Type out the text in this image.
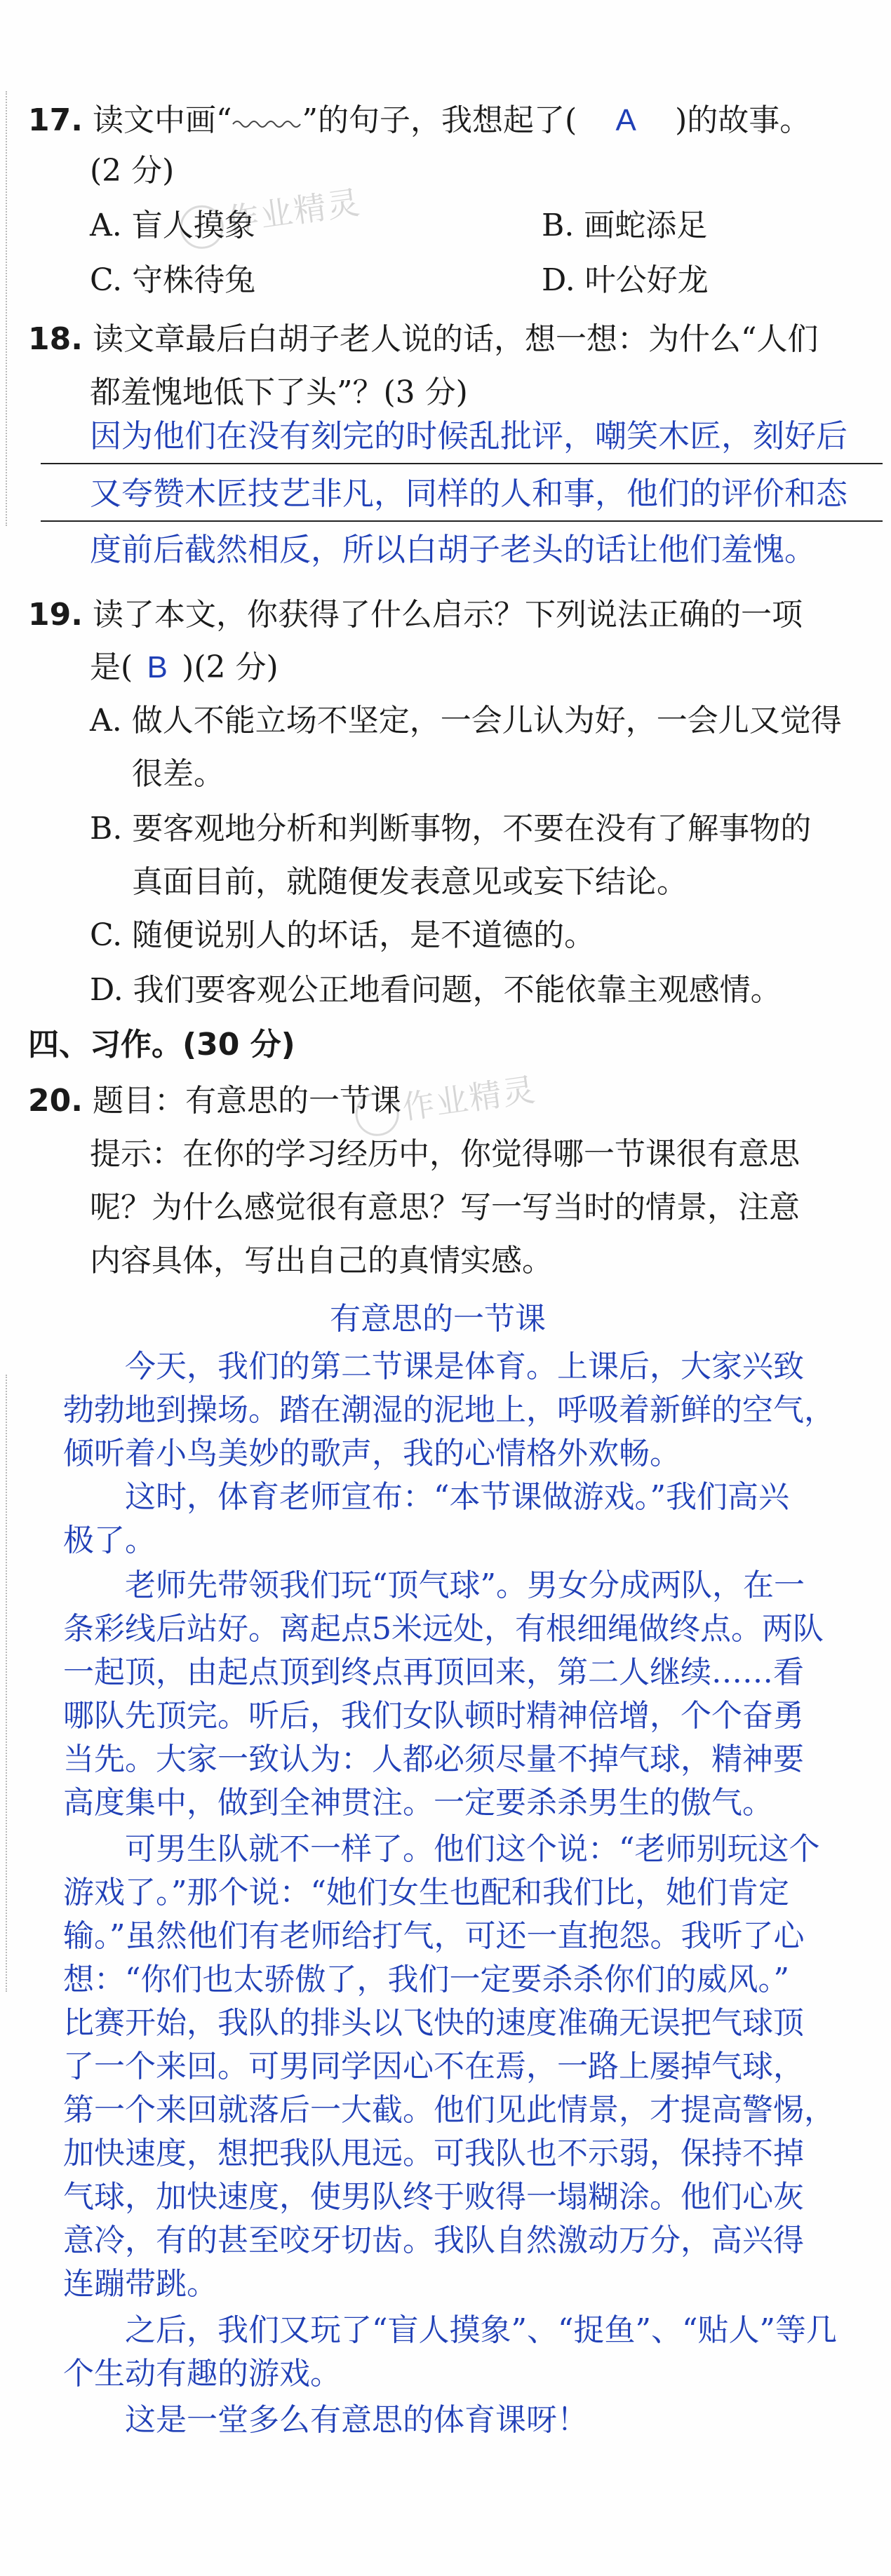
作业精灵
作业精灵
17. 读文中画“ ”的句子，我想起了( A )的故事。
(2 分)
A. 盲人摸象	B. 画蛇添足
C. 守株待兔	D. 叶公好龙
18. 读文章最后白胡子老人说的话，想一想：为什么“人们
都羞愧地低下了头”？(3 分)
因为他们在没有刻完的时候乱批评，嘲笑木匠，刻好后
又夸赞木匠技艺非凡，同样的人和事，他们的评价和态
度前后截然相反，所以白胡子老头的话让他们羞愧。
19. 读了本文，你获得了什么启示？下列说法正确的一项
是( B )(2 分)
A. 做人不能立场不坚定，一会儿认为好，一会儿又觉得
很差。
B. 要客观地分析和判断事物，不要在没有了解事物的
真面目前，就随便发表意见或妄下结论。
C. 随便说别人的坏话，是不道德的。
D. 我们要客观公正地看问题，不能依靠主观感情。
四、习作。(30 分)
20. 题目：有意思的一节课
提示：在你的学习经历中，你觉得哪一节课很有意思
呢？为什么感觉很有意思？写一写当时的情景，注意
内容具体，写出自己的真情实感。
有意思的一节课
今天，我们的第二节课是体育。上课后，大家兴致
勃勃地到操场。踏在潮湿的泥地上，呼吸着新鲜的空气，
倾听着小鸟美妙的歌声，我的心情格外欢畅。
这时，体育老师宣布：“本节课做游戏。”我们高兴
极了。
老师先带领我们玩“顶气球”。男女分成两队，在一
条彩线后站好。离起点5米远处，有根细绳做终点。两队
一起顶，由起点顶到终点再顶回来，第二人继续……看
哪队先顶完。听后，我们女队顿时精神倍增，个个奋勇
当先。大家一致认为：人都必须尽量不掉气球，精神要
高度集中，做到全神贯注。一定要杀杀男生的傲气。
可男生队就不一样了。他们这个说：“老师别玩这个
游戏了。”那个说：“她们女生也配和我们比，她们肯定
输。”虽然他们有老师给打气，可还一直抱怨。我听了心
想：“你们也太骄傲了，我们一定要杀杀你们的威风。”
比赛开始，我队的排头以飞快的速度准确无误把气球顶
了一个来回。可男同学因心不在焉，一路上屡掉气球，
第一个来回就落后一大截。他们见此情景，才提高警惕，
加快速度，想把我队甩远。可我队也不示弱，保持不掉
气球，加快速度，使男队终于败得一塌糊涂。他们心灰
意冷，有的甚至咬牙切齿。我队自然激动万分，高兴得
连蹦带跳。
之后，我们又玩了“盲人摸象”、“捉鱼”、“贴人”等几
个生动有趣的游戏。
这是一堂多么有意思的体育课呀！
